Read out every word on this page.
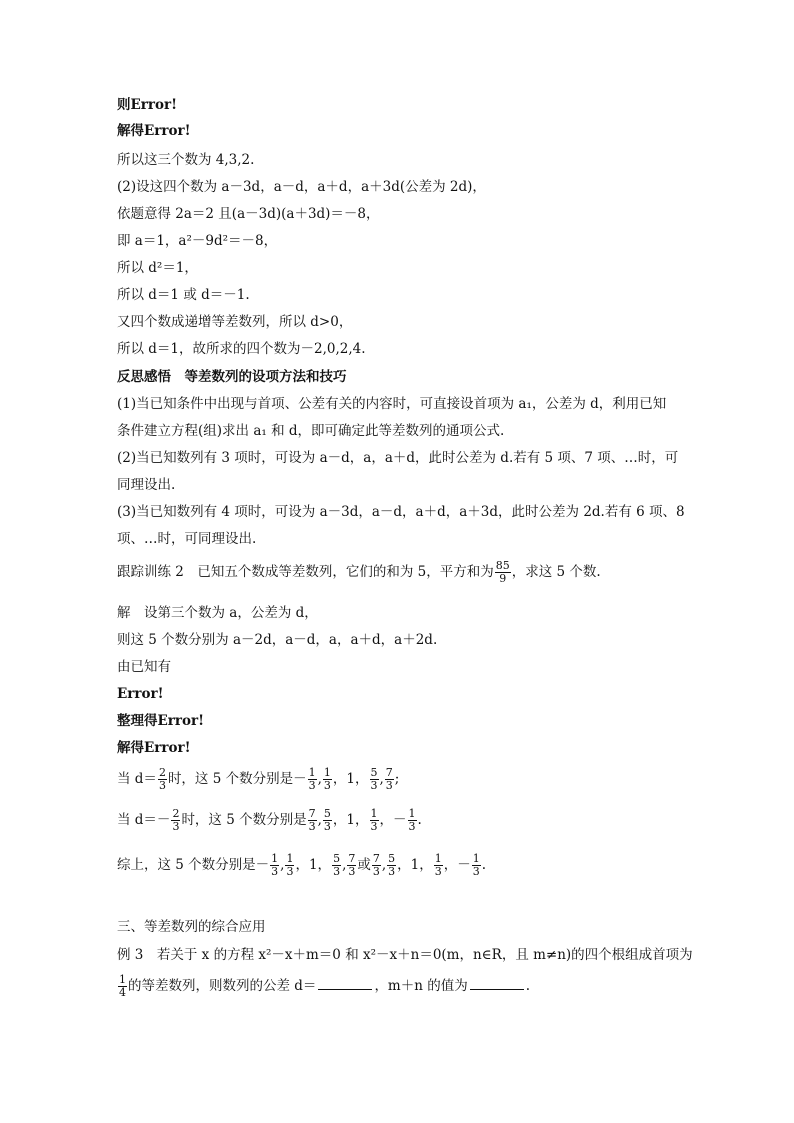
则Error!
解得Error!
所以这三个数为 4,3,2.
(2)设这四个数为 a－3d，a－d，a＋d，a＋3d(公差为 2d)，
依题意得 2a＝2 且(a－3d)(a＋3d)＝－8，
即 a＝1，a²－9d²＝－8，
所以 d²＝1，
所以 d＝1 或 d＝－1.
又四个数成递增等差数列，所以 d>0，
所以 d＝1，故所求的四个数为－2,0,2,4.
反思感悟　等差数列的设项方法和技巧
(1)当已知条件中出现与首项、公差有关的内容时，可直接设首项为 a₁，公差为 d，利用已知
条件建立方程(组)求出 a₁ 和 d，即可确定此等差数列的通项公式.
(2)当已知数列有 3 项时，可设为 a－d，a，a＋d，此时公差为 d.若有 5 项、7 项、…时，可
同理设出.
(3)当已知数列有 4 项时，可设为 a－3d，a－d，a＋d，a＋3d，此时公差为 2d.若有 6 项、8
项、…时，可同理设出.
跟踪训练 2　已知五个数成等差数列，它们的和为 5，平方和为 $\frac{85}{9}$ ，求这 5 个数.
解　设第三个数为 a，公差为 d，
则这 5 个数分别为 a－2d，a－d，a，a＋d，a＋2d.
由已知有
Error!
整理得Error!
解得Error!
当 $d= \frac{2}{3}$ 时，这 5 个数分别是－ $\frac{1}{3}$ , $\frac{1}{3}$ ，1， $\frac{5}{3}$ , $\frac{7}{3}$ ;
当 $d=- \frac{2}{3}$ 时，这 5 个数分别是 $\frac{7}{3}$ , $\frac{5}{3}$ ，1， $\frac{1}{3}$ ，－ $\frac{1}{3}$ .
综上，这 5 个数分别是－ $\frac{1}{3}$ , $\frac{1}{3}$ ，1， $\frac{5}{3}$ , $\frac{7}{3}$ 或 $\frac{7}{3}$ , $\frac{5}{3}$ ，1， $\frac{1}{3}$ ，－ $\frac{1}{3}$ .
三、等差数列的综合应用
例 3　若关于 x 的方程 x²－x＋m＝0 和 x²－x＋n＝0(m，n∈R，且 m≠n)的四个根组成首项为
$\frac{1}{4}$ 的等差数列，则数列的公差 d＝	，m＋n 的值为	.
